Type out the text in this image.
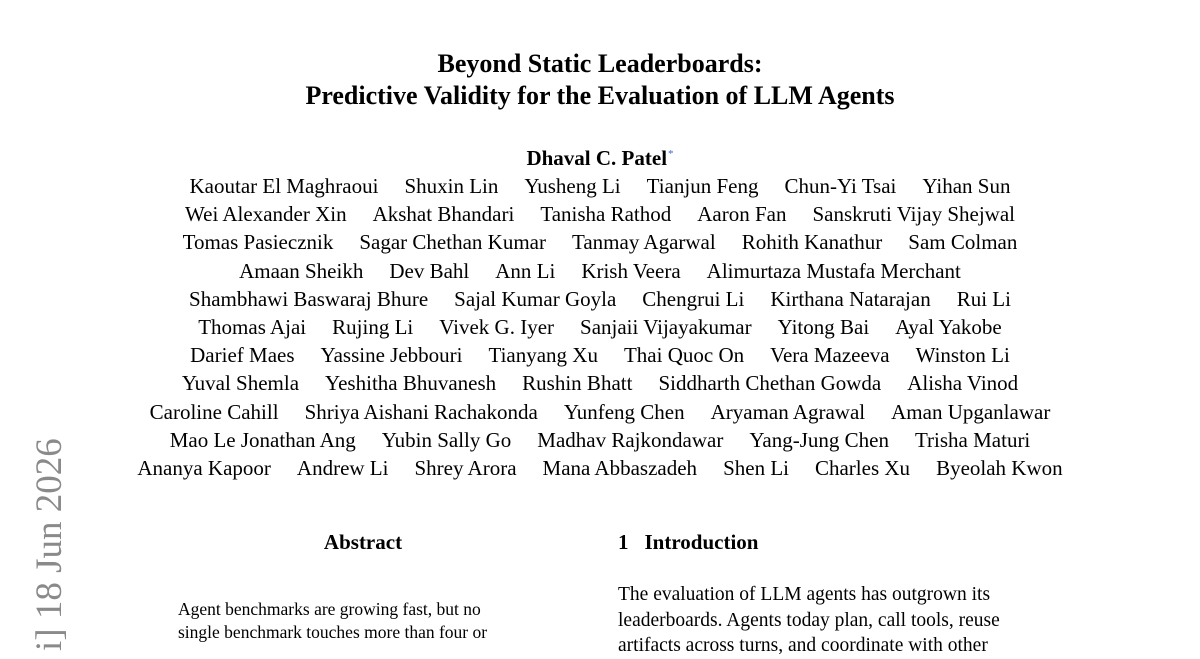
i] 18 Jun 2026
Beyond Static Leaderboards:
Predictive Validity for the Evaluation of LLM Agents
Dhaval C. Patel*
Kaoutar El Maghraoui Shuxin Lin Yusheng Li Tianjun Feng Chun-Yi Tsai Yihan Sun
Wei Alexander Xin Akshat Bhandari Tanisha Rathod Aaron Fan Sanskruti Vijay Shejwal
Tomas Pasiecznik Sagar Chethan Kumar Tanmay Agarwal Rohith Kanathur Sam Colman
Amaan Sheikh Dev Bahl Ann Li Krish Veera Alimurtaza Mustafa Merchant
Shambhawi Baswaraj Bhure Sajal Kumar Goyla Chengrui Li Kirthana Natarajan Rui Li
Thomas Ajai Rujing Li Vivek G. Iyer Sanjaii Vijayakumar Yitong Bai Ayal Yakobe
Darief Maes Yassine Jebbouri Tianyang Xu Thai Quoc On Vera Mazeeva Winston Li
Yuval Shemla Yeshitha Bhuvanesh Rushin Bhatt Siddharth Chethan Gowda Alisha Vinod
Caroline Cahill Shriya Aishani Rachakonda Yunfeng Chen Aryaman Agrawal Aman Upganlawar
Mao Le Jonathan Ang Yubin Sally Go Madhav Rajkondawar Yang-Jung Chen Trisha Maturi
Ananya Kapoor Andrew Li Shrey Arora Mana Abbaszadeh Shen Li Charles Xu Byeolah Kwon
Abstract
Agent benchmarks are growing fast, but no
single benchmark touches more than four or
1 Introduction
The evaluation of LLM agents has outgrown its
leaderboards. Agents today plan, call tools, reuse
artifacts across turns, and coordinate with other
